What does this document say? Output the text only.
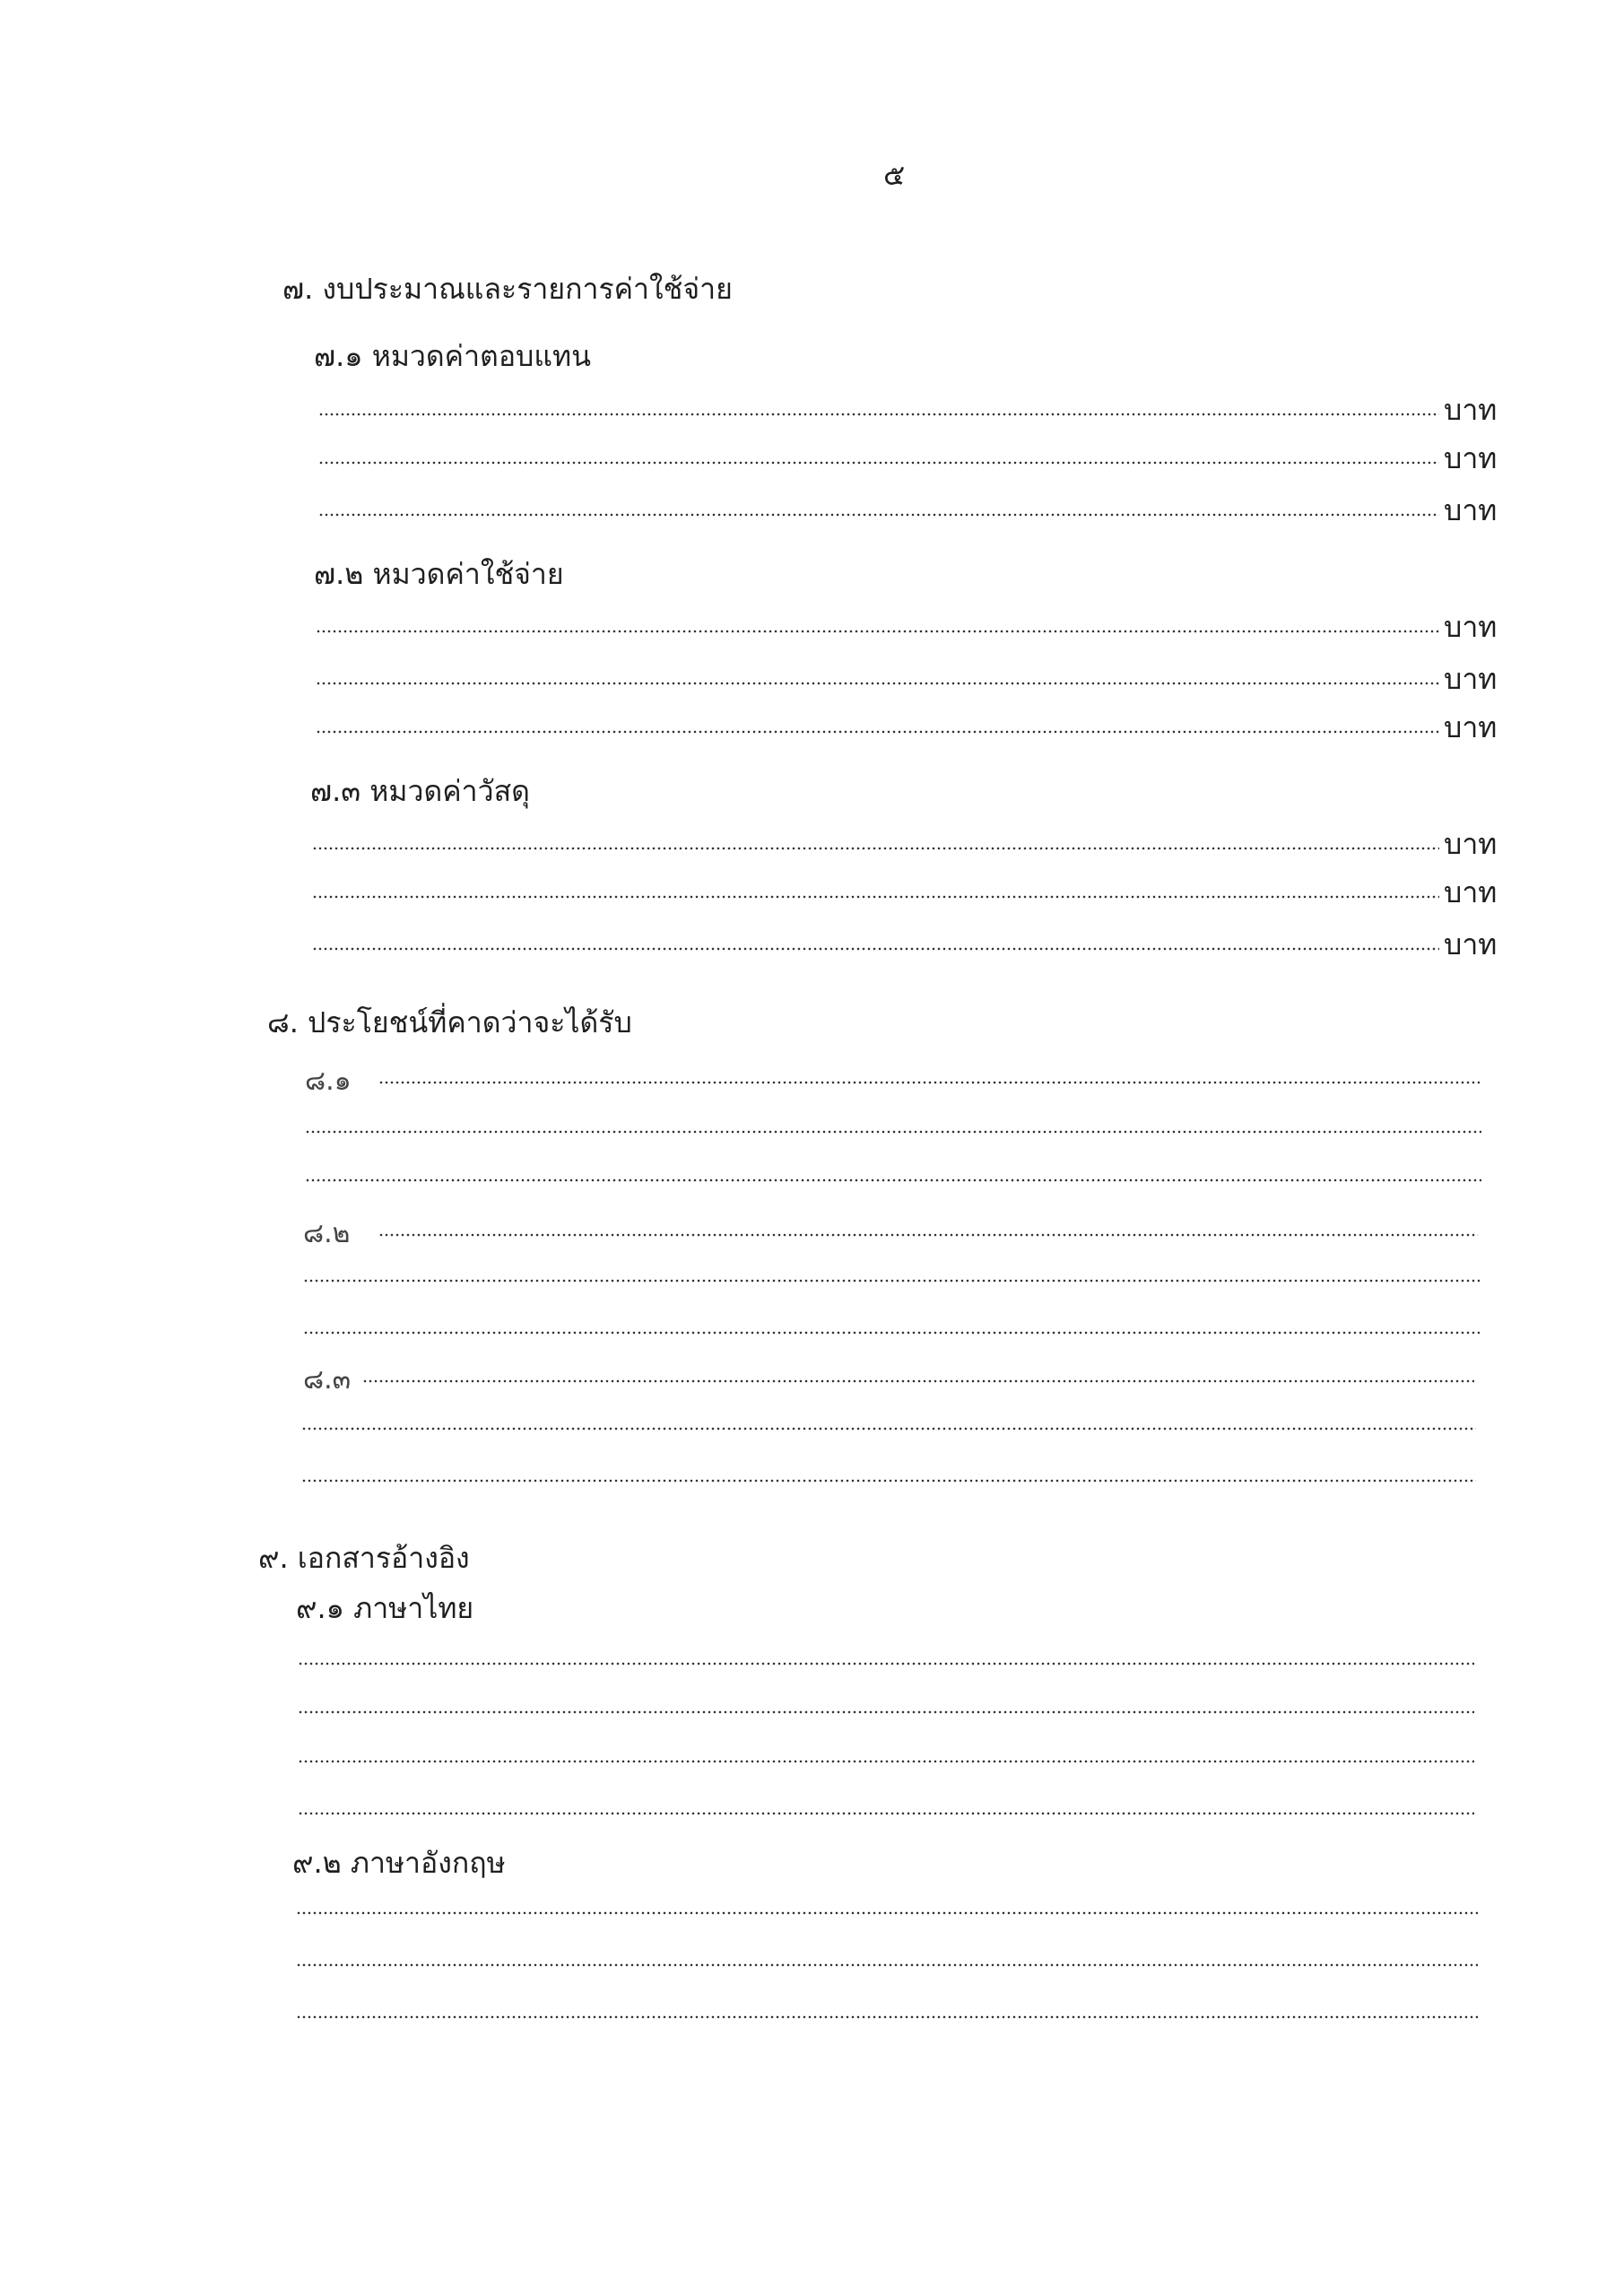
๕
๗. งบประมาณและรายการค่าใช้จ่าย
๗.๑ หมวดค่าตอบแทน
บาท
บาท
บาท
๗.๒ หมวดค่าใช้จ่าย
บาท
บาท
บาท
๗.๓ หมวดค่าวัสดุ
บาท
บาท
บาท
๘. ประโยชน์ที่คาดว่าจะได้รับ
๘.๑
๘.๒
๘.๓
๙. เอกสารอ้างอิง
๙.๑ ภาษาไทย
๙.๒ ภาษาอังกฤษ
